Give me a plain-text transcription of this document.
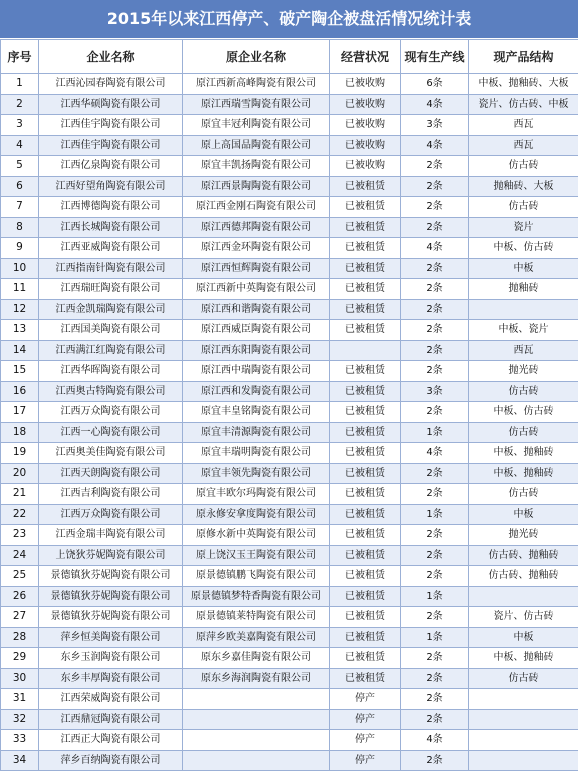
2015年以来江西停产、破产陶企被盘活情况统计表
序号	企业名称	原企业名称	经营状况	现有生产线	现产品结构
1	江西沁园春陶瓷有限公司	原江西新高峰陶瓷有限公司	已被收购	6条	中板、抛釉砖、大板
2	江西华硕陶瓷有限公司	原江西瑞雪陶瓷有限公司	已被收购	4条	瓷片、仿古砖、中板
3	江西佳宇陶瓷有限公司	原宜丰冠利陶瓷有限公司	已被收购	3条	西瓦
4	江西佳宇陶瓷有限公司	原上高国品陶瓷有限公司	已被收购	4条	西瓦
5	江西亿泉陶瓷有限公司	原宜丰凯扬陶瓷有限公司	已被收购	2条	仿古砖
6	江西好望角陶瓷有限公司	原江西景陶陶瓷有限公司	已被租赁	2条	抛釉砖、大板
7	江西博德陶瓷有限公司	原江西金刚石陶瓷有限公司	已被租赁	2条	仿古砖
8	江西长城陶瓷有限公司	原江西德邦陶瓷有限公司	已被租赁	2条	瓷片
9	江西亚威陶瓷有限公司	原江西金环陶瓷有限公司	已被租赁	4条	中板、仿古砖
10	江西指南针陶瓷有限公司	原江西恒辉陶瓷有限公司	已被租赁	2条	中板
11	江西瑞旺陶瓷有限公司	原江西新中英陶瓷有限公司	已被租赁	2条	抛釉砖
12	江西金凯瑞陶瓷有限公司	原江西和谐陶瓷有限公司	已被租赁	2条	
13	江西国美陶瓷有限公司	原江西威臣陶瓷有限公司	已被租赁	2条	中板、瓷片
14	江西满江红陶瓷有限公司	原江西东阳陶瓷有限公司		2条	西瓦
15	江西华晖陶瓷有限公司	原江西中瑞陶瓷有限公司	已被租赁	2条	抛光砖
16	江西奥古特陶瓷有限公司	原江西和发陶瓷有限公司	已被租赁	3条	仿古砖
17	江西万众陶瓷有限公司	原宜丰皇铭陶瓷有限公司	已被租赁	2条	中板、仿古砖
18	江西一心陶瓷有限公司	原宜丰清源陶瓷有限公司	已被租赁	1条	仿古砖
19	江西奥美佳陶瓷有限公司	原宜丰瑞明陶瓷有限公司	已被租赁	4条	中板、抛釉砖
20	江西天朗陶瓷有限公司	原宜丰领先陶瓷有限公司	已被租赁	2条	中板、抛釉砖
21	江西吉利陶瓷有限公司	原宜丰欧尔玛陶瓷有限公司	已被租赁	2条	仿古砖
22	江西万众陶瓷有限公司	原永修安拿度陶瓷有限公司	已被租赁	1条	中板
23	江西金瑞丰陶瓷有限公司	原修水新中英陶瓷有限公司	已被租赁	2条	抛光砖
24	上饶狄芬妮陶瓷有限公司	原上饶汉玉王陶瓷有限公司	已被租赁	2条	仿古砖、抛釉砖
25	景德镇狄芬妮陶瓷有限公司	原景德镇鹏飞陶瓷有限公司	已被租赁	2条	仿古砖、抛釉砖
26	景德镇狄芬妮陶瓷有限公司	原景德镇梦特香陶瓷有限公司	已被租赁	1条	
27	景德镇狄芬妮陶瓷有限公司	原景德镇莱特陶瓷有限公司	已被租赁	2条	瓷片、仿古砖
28	萍乡恒美陶瓷有限公司	原萍乡欧美嘉陶瓷有限公司	已被租赁	1条	中板
29	东乡玉润陶瓷有限公司	原东乡嘉佳陶瓷有限公司	已被租赁	2条	中板、抛釉砖
30	东乡丰厚陶瓷有限公司	原东乡海润陶瓷有限公司	已被租赁	2条	仿古砖
31	江西荣威陶瓷有限公司		停产	2条	
32	江西鼎冠陶瓷有限公司		停产	2条	
33	江西正大陶瓷有限公司		停产	4条	
34	萍乡百纳陶瓷有限公司		停产	2条	
